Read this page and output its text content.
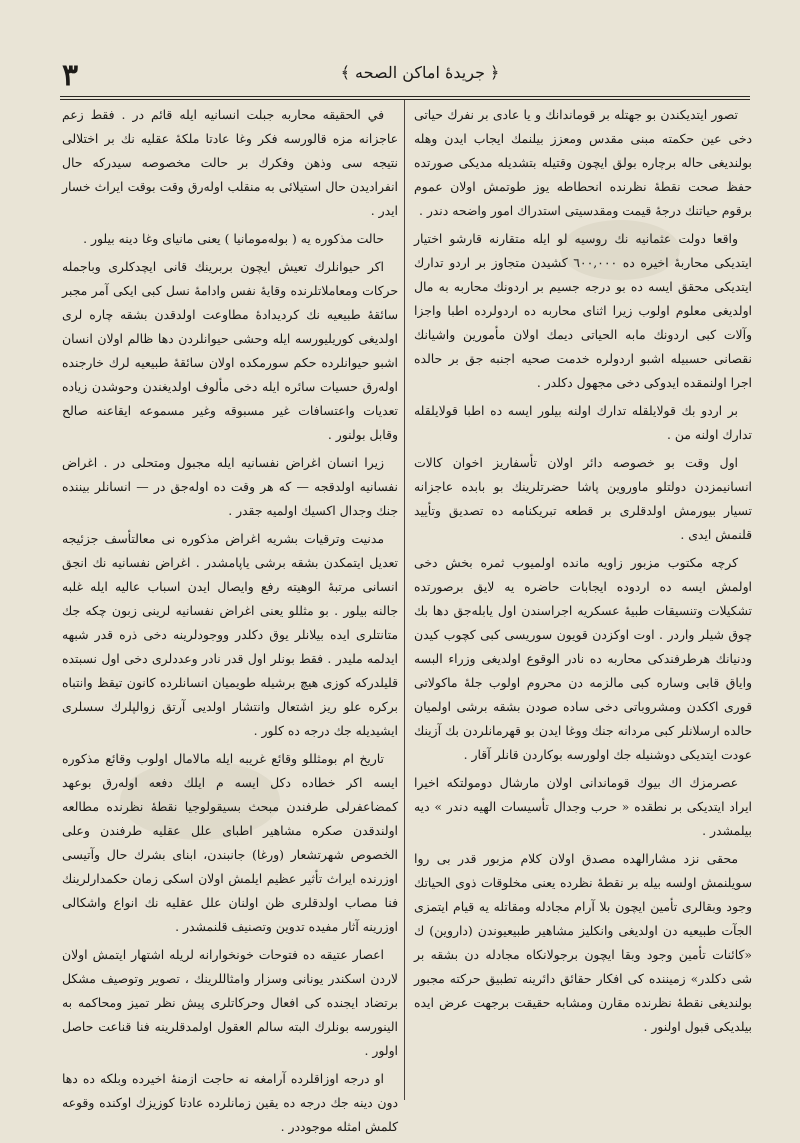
٣	﴿ جريدۀ اماكن الصحه ﴾

تصور ايتديكندن بو جهتله بر قوماندانك و يا عادی بر نفرك حياتی دخی عين حكمته مبنی مقدس ومعزز بيلنمك ايجاب ايدن وهله بولنديغی حاله برچاره بولق ايچون وقتيله بتشديله مديكی صورتده حفظ صحت نقطۀ نظرنده انحطاطه يوز طوتمش اولان عموم برقوم حياتنك درجۀ قيمت ومقدسيتی استدراك امور واضحه دندر .

واقعا دولت عثمانيه نك روسيه لو ايله متقارنه قارشو اختيار ايتديكی محاربۀ اخيره ده ٦٠٠,٠٠٠ كشيدن متجاوز بر اردو تدارك ايتديكی محقق ايسه ده بو درجه جسيم بر اردونك محاربه به مال اولديغی معلوم اولوب زيرا اثنای محاربه ده اردولرده اطبا واجزا وآلات كبی اردونك مابه الحياتی ديمك اولان مأمورين واشيانك نقصانی حسبيله اشبو اردولره خدمت صحيه اجنبه جق بر حالده اجرا اولنمقده ايدوكی دخی مجهول دكلدر .

بر اردو بك قولايلقله تدارك اولنه بيلور ايسه ده اطبا قولايلقله تدارك اولنه من .

اول وقت بو خصوصه دائر اولان تأسفاريز اخوان كالات انسانيمزدن دولتلو ماوروين پاشا حضرتلرينك بو بابده عاجزانه تسيار بيورمش اولدقلری بر قطعه تبريكنامه ده تصديق وتأييد قلنمش ايدی .

كرچه مكتوب مزبور زاويه مانده اولميوب ثمره بخش دخی اولمش ايسه ده اردوده ايجابات حاضره يه لايق برصورتده تشكيلات وتنسيقات طبيۀ عسكريه اجراسندن اول يابلەجق دها بك چوق شيلر واردر . اوت اوكزدن قويون سوريسی كبی كچوب كيدن ودنيانك هرطرفندكی محاربه ده نادر الوقوع اولديغی وزراء البسه واياق قابی وساره كبی مالزمه دن محروم اولوب جلۀ ماكولاتی قوری اككدن ومشروباتی دخی ساده صودن بشقه برشی اولميان حالده ارسلانلر كبی مردانه جنك ووغا ايدن بو قهرمانلردن بك آزينك عودت ايتديكی دوشنيله جك اولورسه بوكاردن قانلر آقار .

عصرمزك اك بيوك قوماندانی اولان مارشال دومولتكه اخيرا ايراد ايتديكی بر نطقده « حرب وجدال تأسيسات الهيه دندر » ديه بيلمشدر .

محقی نزد مشارالهده مصدق اولان كلام مزبور قدر بی روا سويلنمش اولسه بيله بر نقطۀ نظرده يعنی مخلوقات ذوی الحياتك وجود وبقالری تأمين ايچون بلا آرام مجادله ومقاتله يه قيام ايتمزی الجآت طبيعيه دن اولديغی وانكليز مشاهير طبيعيوندن (داروين) ك «كائنات تأمين وجود وبقا ايچون برجولانكاه مجادله دن بشقه بر شی دكلدر» زميننده كی افكار حقائق دائرينه تطبيق حركته مجبور بولنديغی نقطۀ نظرنده مقارن ومشابه حقيقت برجهت عرض ايده بيلديكی قبول اولنور .

في الحقيقه محاربه جبلت انسانيه ايله قائم در . فقط زعم عاجزانه مزه قالورسه فكر وغا عادتا ملكۀ عقليه نك بر اختلالی نتيجه سی وذهن وفكرك بر حالت مخصوصه سيدركه حال انفراديدن حال استيلائی به منقلب اولەرق وقت بوقت ايراث خسار ايدر .

حالت مذكوره يه ( بولەمومانيا ) يعنی مانيای وغا دينه بيلور .

اكر حيوانلرك تعيش ايچون بربرينك قانی ايچدكلری وباجمله حركات ومعاملاتلرنده وقايۀ نفس وادامۀ نسل كبی ايكی آمر مجبر سائقۀ طبيعيه نك كرديدادۀ مطاوعت اولدقدن بشقه چاره لری اولديغی كوريليورسه ايله وحشی حيوانلردن دها ظالم اولان انسان اشبو حيوانلرده حكم سورمكده اولان سائقۀ طبيعيه لرك خارجنده اولەرق حسيات سائره ايله دخی مألوف اولديغندن وحوشدن زياده تعديات واعتسافات غير مسبوقه وغير مسموعه ايقاعنه صالح وقابل بولنور .

زيرا انسان اغراض نفسانيه ايله مجبول ومتحلی در . اغراض نفسانيه اولدقجه — كه هر وقت ده اولەجق در — انسانلر بيننده جنك وجدال اكسيك اولميه جقدر .

مدنيت وترقيات بشريه اغراض مذكوره نی معالتأسف جزئيجه تعديل ايتمكدن بشقه برشی ياپامشدر . اغراض نفسانيه نك انجق انسانی مرتبۀ الوهيته رفع وايصال ايدن اسباب عاليه ايله غلبه جالنه بيلور . بو مثللو يعنی اغراض نفسانيه لرينی زبون چكه جك متانتلری ايده بيلانلر يوق دكلدر ووجودلرينه دخی ذره قدر شبهه ايدلمه مليدر . فقط بونلر اول قدر نادر وعددلری دخی اول نسبتده قليلدركه كوزی هيچ برشيله طويميان انسانلرده كانون تيقظ وانتباه بركره علو ريز اشتعال وانتشار اولديی آرتق زوالپلرك سسلری ايشيديله جك درجه ده كلور .

تاريخ ام بومثللو وقائع غريبه ايله مالامال اولوب وقائع مذكوره ايسه اكر خطاده دكل ايسه م ايلك دفعه اولەرق بوعهد كمضاعفرلی طرفندن مبحث بسيقولوجيا نقطۀ نظرنده مطالعه اولندقدن صكره مشاهير اطبای علل عقليه طرفندن وعلی الخصوص شهرتشعار (ورغا) جانبندن، ابنای بشرك حال وآتيسی اوزرنده ايراث تأثير عظيم ايلمش اولان اسكی زمان حكمدارلرينك فنا مصاب اولدقلری ظن اولنان علل عقليه نك انواع واشكالی اوزرينه آثار مفيده تدوين وتصنيف قلنمشدر .

اعصار عتيقه ده فتوحات خونخوارانه لريله اشتهار ايتمش اولان لاردن اسكندر يونانی وسزار وامثاللرينك ، تصوير وتوصيف مشكل برتضاد ايجنده كی افعال وحركاتلری پيش نظر تميز ومحاكمه به الينورسه بونلرك البته سالم العقول اولمدقلرينه فنا قناعت حاصل اولور .

او درجه اوزاقلرده آرامغه نه حاجت ازمنۀ اخيرده وبلكه ده دها دون دينه جك درجه ده يقين زمانلرده عادتا كوزيزك اوكنده وقوعه كلمش امثله موجوددر .
